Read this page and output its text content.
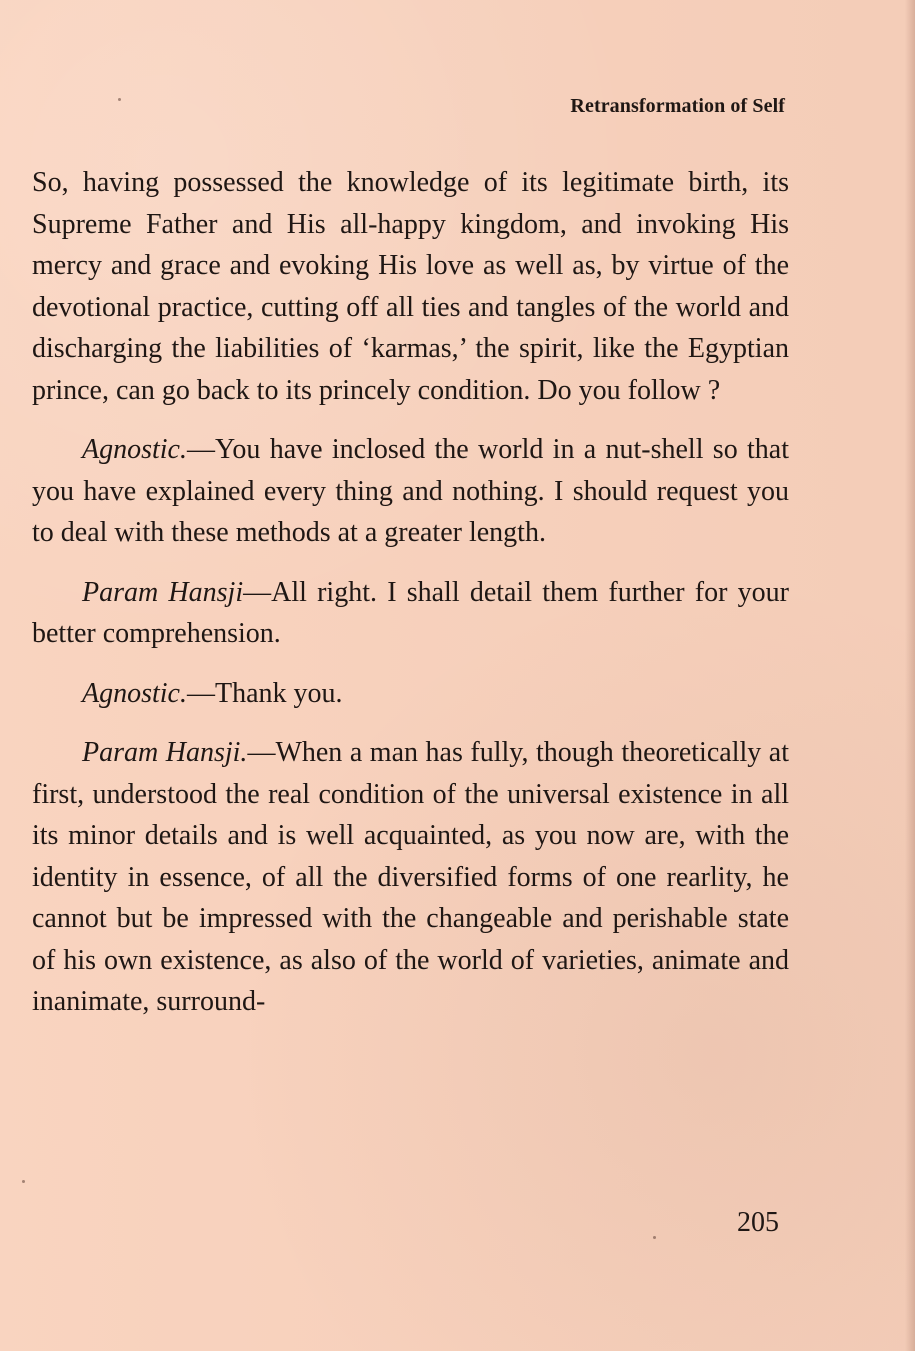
Retransformation of Self

So, having possessed the knowledge of its legitimate birth, its Supreme Father and His all-happy kingdom, and invoking His mercy and grace and evoking His love as well as, by virtue of the devotional practice, cutting off all ties and tangles of the world and discharging the liabilities of ‘karmas,’ the spirit, like the Egyptian prince, can go back to its princely condition. Do you follow ?

Agnostic.—You have inclosed the world in a nut-shell so that you have explained every thing and nothing. I should request you to deal with these methods at a greater length.

Param Hansji—All right. I shall detail them further for your better comprehension.

Agnostic.—Thank you.

Param Hansji.—When a man has fully, though theoretically at first, understood the real condition of the universal existence in all its minor details and is well acquainted, as you now are, with the identity in essence, of all the diversified forms of one rearlity, he cannot but be impressed with the changeable and perishable state of his own existence, as also of the world of varieties, animate and inanimate, surround-

205
